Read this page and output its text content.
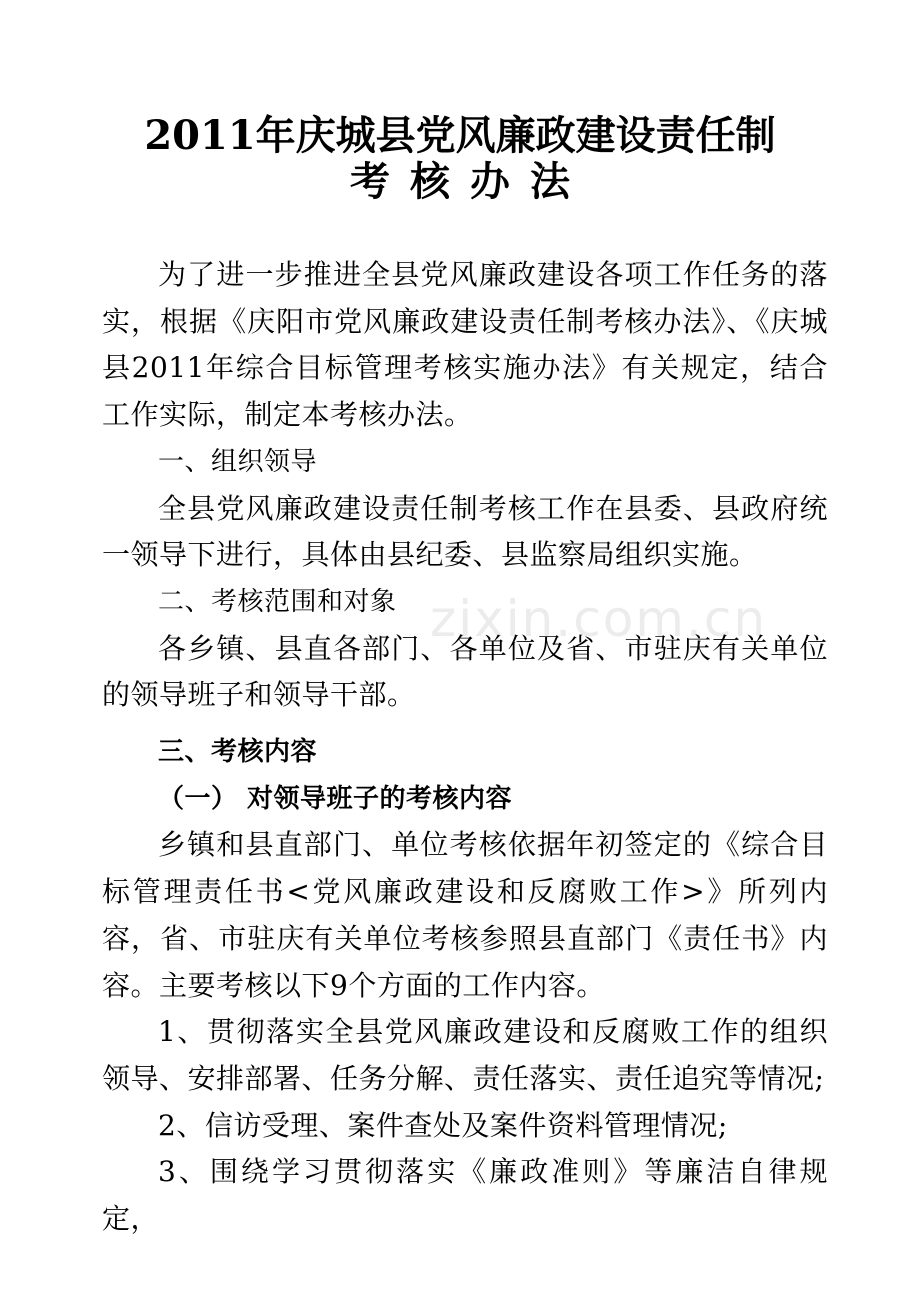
2011年庆城县党风廉政建设责任制
考核办法
zixin.com.cn

为了进一步推进全县党风廉政建设各项工作任务的落实，根据《庆阳市党风廉政建设责任制考核办法》、《庆城县2011年综合目标管理考核实施办法》有关规定，结合工作实际，制定本考核办法。

一、组织领导

全县党风廉政建设责任制考核工作在县委、县政府统一领导下进行，具体由县纪委、县监察局组织实施。

二、考核范围和对象

各乡镇、县直各部门、各单位及省、市驻庆有关单位的领导班子和领导干部。

三、考核内容

（一） 对领导班子的考核内容

乡镇和县直部门、单位考核依据年初签定的《综合目标管理责任书<党风廉政建设和反腐败工作>》所列内容，省、市驻庆有关单位考核参照县直部门《责任书》内容。主要考核以下9个方面的工作内容。

1、贯彻落实全县党风廉政建设和反腐败工作的组织领导、安排部署、任务分解、责任落实、责任追究等情况;

2、信访受理、案件查处及案件资料管理情况;

3、围绕学习贯彻落实《廉政准则》等廉洁自律规定，
